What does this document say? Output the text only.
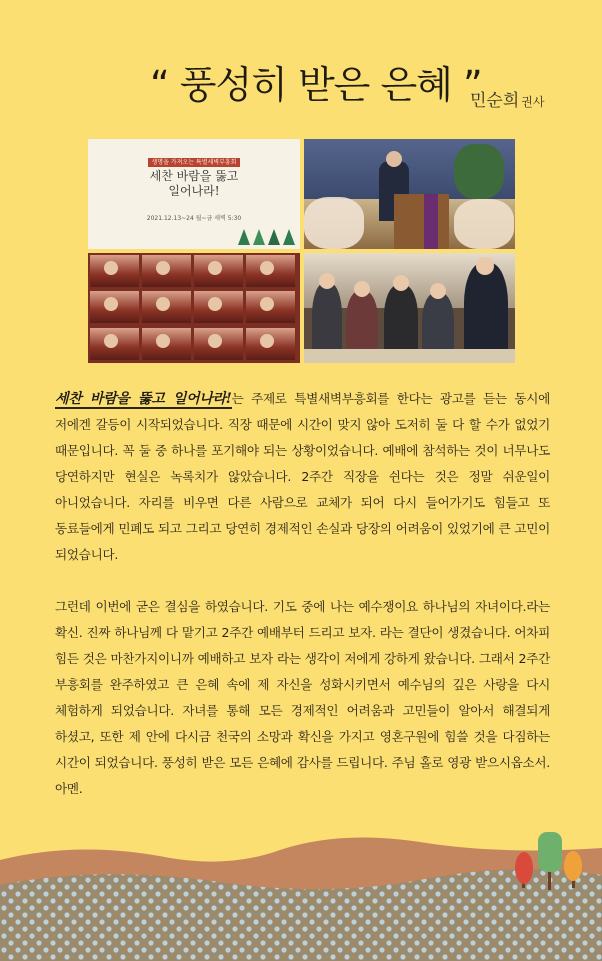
“ 풍성히 받은 은혜 ”
민순희 권사
생명을 가져오는 특별새벽부흥회
세찬 바람을 뚫고
일어나라!
2021.12.13~24 월~금 새벽 5:30

세찬 바람을 뚫고 일어나라!는 주제로 특별새벽부흥회를 한다는 광고를 듣는 동시에 저에겐 갈등이 시작되었습니다. 직장 때문에 시간이 맞지 않아 도저히 둘 다 할 수가 없었기 때문입니다. 꼭 둘 중 하나를 포기해야 되는 상황이었습니다. 예배에 참석하는 것이 너무나도 당연하지만 현실은 녹록치가 않았습니다. 2주간 직장을 쉰다는 것은 정말 쉬운일이 아니었습니다. 자리를 비우면 다른 사람으로 교체가 되어 다시 들어가기도 힘들고 또 동료들에게 민폐도 되고 그리고 당연히 경제적인 손실과 당장의 어려움이 있었기에 큰 고민이 되었습니다.

그런데 이번에 굳은 결심을 하였습니다. 기도 중에 나는 예수쟁이요 하나님의 자녀이다.라는 확신. 진짜 하나님께 다 맡기고 2주간 예배부터 드리고 보자. 라는 결단이 생겼습니다. 어차피 힘든 것은 마찬가지이니까 예배하고 보자 라는 생각이 저에게 강하게 왔습니다. 그래서 2주간 부흥회를 완주하였고 큰 은혜 속에 제 자신을 성화시키면서 예수님의 깊은 사랑을 다시 체험하게 되었습니다. 자녀를 통해 모든 경제적인 어려움과 고민들이 알아서 해결되게 하셨고, 또한 제 안에 다시금 천국의 소망과 확신을 가지고 영혼구원에 힘쓸 것을 다짐하는 시간이 되었습니다. 풍성히 받은 모든 은혜에 감사를 드립니다. 주님 홀로 영광 받으시옵소서. 아멘.
